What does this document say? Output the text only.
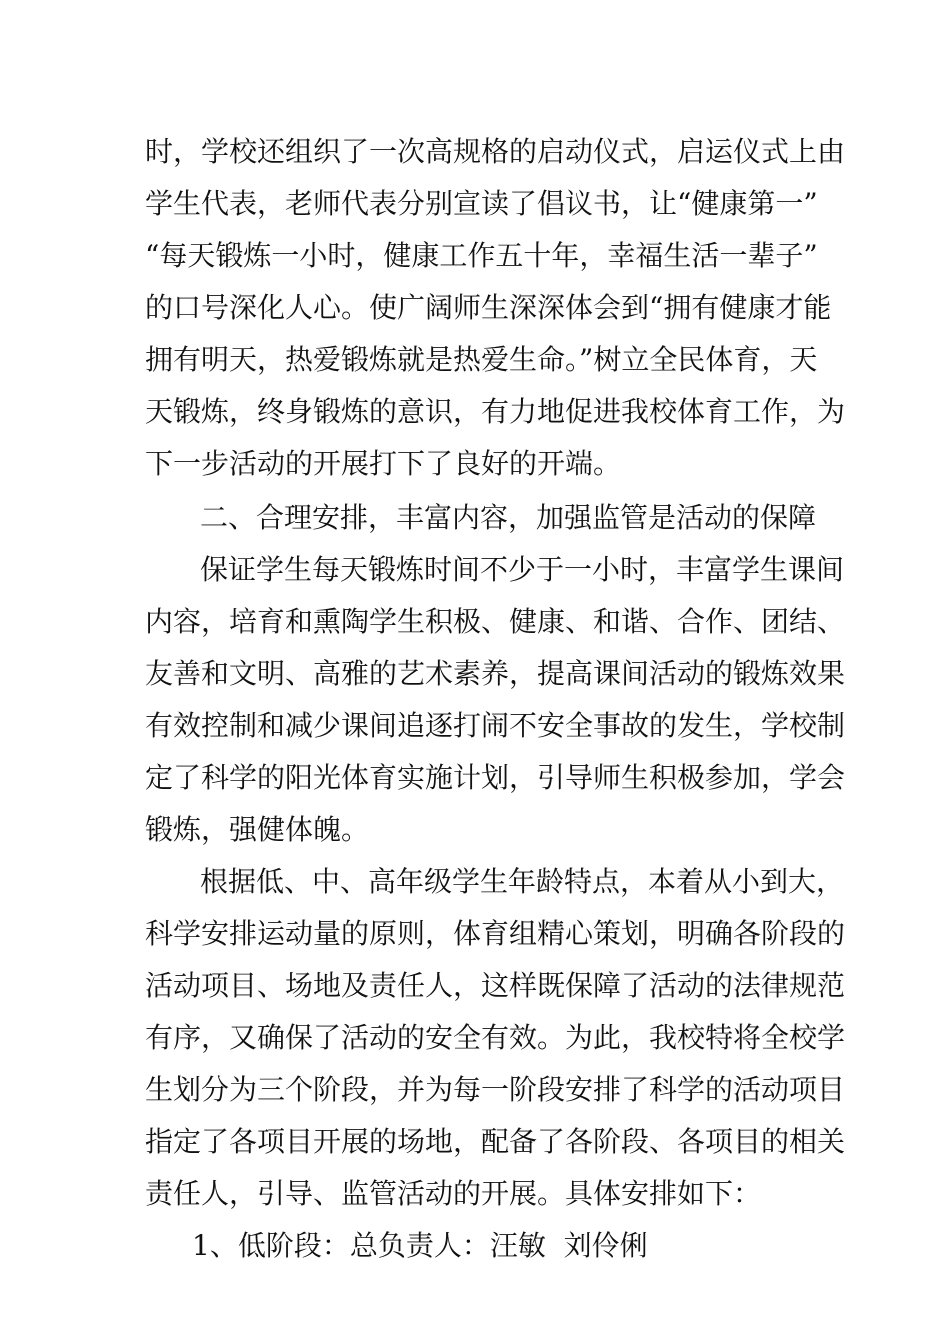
时，学校还组织了一次高规格的启动仪式，启运仪式上由
学生代表，老师代表分别宣读了倡议书，让“健康第一”
“每天锻炼一小时，健康工作五十年，幸福生活一辈子”
的口号深化人心。使广阔师生深深体会到“拥有健康才能
拥有明天，热爱锻炼就是热爱生命。”树立全民体育，天
天锻炼，终身锻炼的意识，有力地促进我校体育工作，为
下一步活动的开展打下了良好的开端。
二、合理安排，丰富内容，加强监管是活动的保障
保证学生每天锻炼时间不少于一小时，丰富学生课间
内容，培育和熏陶学生积极、健康、和谐、合作、团结、
友善和文明、高雅的艺术素养，提高课间活动的锻炼效果
有效控制和减少课间追逐打闹不安全事故的发生，学校制
定了科学的阳光体育实施计划，引导师生积极参加，学会
锻炼，强健体魄。
根据低、中、高年级学生年龄特点，本着从小到大，
科学安排运动量的原则，体育组精心策划，明确各阶段的
活动项目、场地及责任人，这样既保障了活动的法律规范
有序，又确保了活动的安全有效。为此，我校特将全校学
生划分为三个阶段，并为每一阶段安排了科学的活动项目
指定了各项目开展的场地，配备了各阶段、各项目的相关
责任人，引导、监管活动的开展。具体安排如下：
1、低阶段：总负责人：汪敏  刘伶俐
